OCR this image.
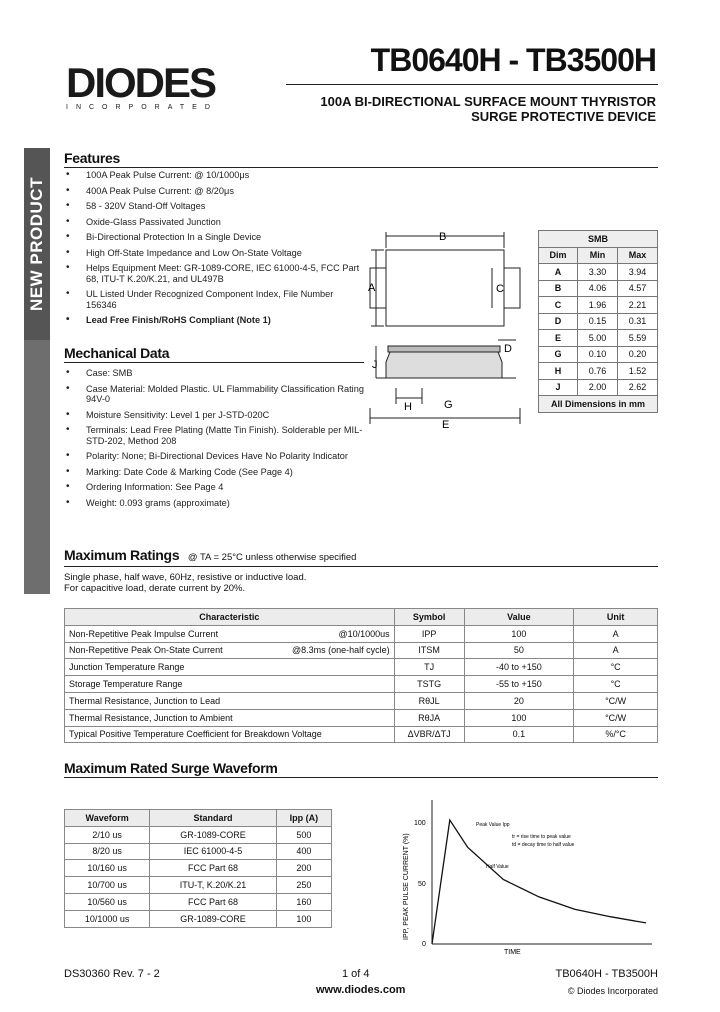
DIODES
INCORPORATED
TB0640H - TB3500H
100A BI-DIRECTIONAL SURFACE MOUNT THYRISTOR
SURGE PROTECTIVE DEVICE
NEW PRODUCT
Features
• 100A Peak Pulse Current: @ 10/1000μs
• 400A Peak Pulse Current: @ 8/20μs
• 58 - 320V Stand-Off Voltages
• Oxide-Glass Passivated Junction
• Bi-Directional Protection In a Single Device
• High Off-State Impedance and Low On-State Voltage
• Helps Equipment Meet: GR-1089-CORE, IEC 61000-4-5, FCC Part 68, ITU-T K.20/K.21, and UL497B
• UL Listed Under Recognized Component Index, File Number 156346
• Lead Free Finish/RoHS Compliant (Note 1)
Mechanical Data
• Case: SMB
• Case Material: Molded Plastic. UL Flammability Classification Rating 94V-0
• Moisture Sensitivity: Level 1 per J-STD-020C
• Terminals: Lead Free Plating (Matte Tin Finish). Solderable per MIL-STD-202, Method 208
• Polarity: None; Bi-Directional Devices Have No Polarity Indicator
• Marking: Date Code & Marking Code (See Page 4)
• Ordering Information: See Page 4
• Weight: 0.093 grams (approximate)
B
A	C
J
D
H	G
E
SMB		
Dim	Min	Max
A	3.30	3.94
B	4.06	4.57
C	1.96	2.21
D	0.15	0.31
E	5.00	5.59
G	0.10	0.20
H	0.76	1.52
J	2.00	2.62
All Dimensions in mm		
Maximum Ratings @ TA = 25°C unless otherwise specified
Single phase, half wave, 60Hz, resistive or inductive load.
For capacitive load, derate current by 20%.
Characteristic	Symbol	Value	Unit
Non-Repetitive Peak Impulse Current @10/1000us	IPP	100	A
Non-Repetitive Peak On-State Current @8.3ms (one-half cycle)	ITSM	50	A
Junction Temperature Range	TJ	-40 to +150	°C
Storage Temperature Range	TSTG	-55 to +150	°C
Thermal Resistance, Junction to Lead	RθJL	20	°C/W
Thermal Resistance, Junction to Ambient	RθJA	100	°C/W
Typical Positive Temperature Coefficient for Breakdown Voltage	ΔVBR/ΔTJ	0.1	%/°C
Maximum Rated Surge Waveform
Waveform	Standard	Ipp (A)
2/10 us	GR-1089-CORE	500
8/20 us	IEC 61000-4-5	400
10/160 us	FCC Part 68	200
10/700 us	ITU-T, K.20/K.21	250
10/560 us	FCC Part 68	160
10/1000 us	GR-1089-CORE	100	IPP, PEAK PULSE CURRENT (%)
TIME
100
50
0
Peak Value Ipp
tr = rise time to peak value
td = decay time to half value
Half Value
DS30360 Rev. 7 - 2	1 of 4
www.diodes.com
TB0640H - TB3500H
© Diodes Incorporated
